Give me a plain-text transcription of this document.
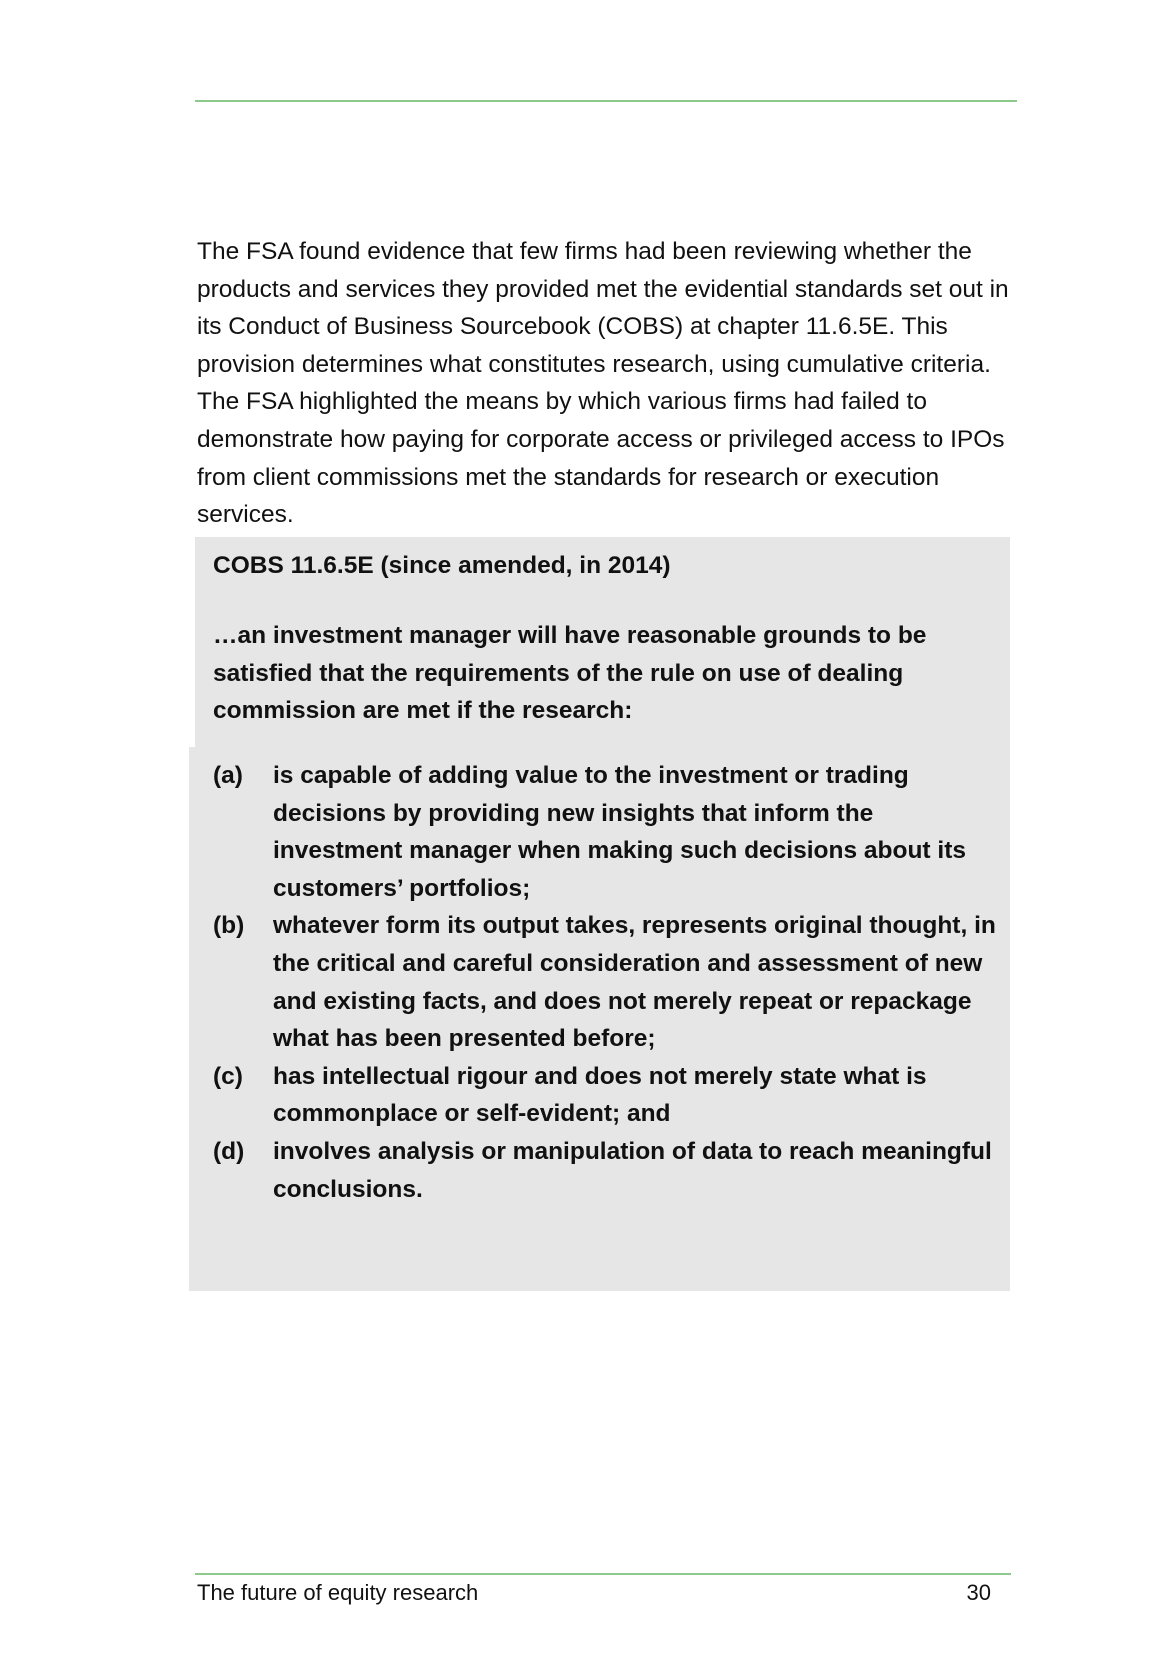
The FSA found evidence that few firms had been reviewing whether the products and services they provided met the evidential standards set out in its Conduct of Business Sourcebook (COBS) at chapter 11.6.5E. This provision determines what constitutes research, using cumulative criteria. The FSA highlighted the means by which various firms had failed to demonstrate how paying for corporate access or privileged access to IPOs from client commissions met the standards for research or execution services.

COBS 11.6.5E (since amended, in 2014)

…an investment manager will have reasonable grounds to be satisfied that the requirements of the rule on use of dealing commission are met if the research:

(a)	is capable of adding value to the investment or trading decisions by providing new insights that inform the investment manager when making such decisions about its customers’ portfolios;
(b)	whatever form its output takes, represents original thought, in the critical and careful consideration and assessment of new and existing facts, and does not merely repeat or repackage what has been presented before;
(c)	has intellectual rigour and does not merely state what is commonplace or self-evident; and
(d)	involves analysis or manipulation of data to reach meaningful conclusions.
The future of equity research	30
